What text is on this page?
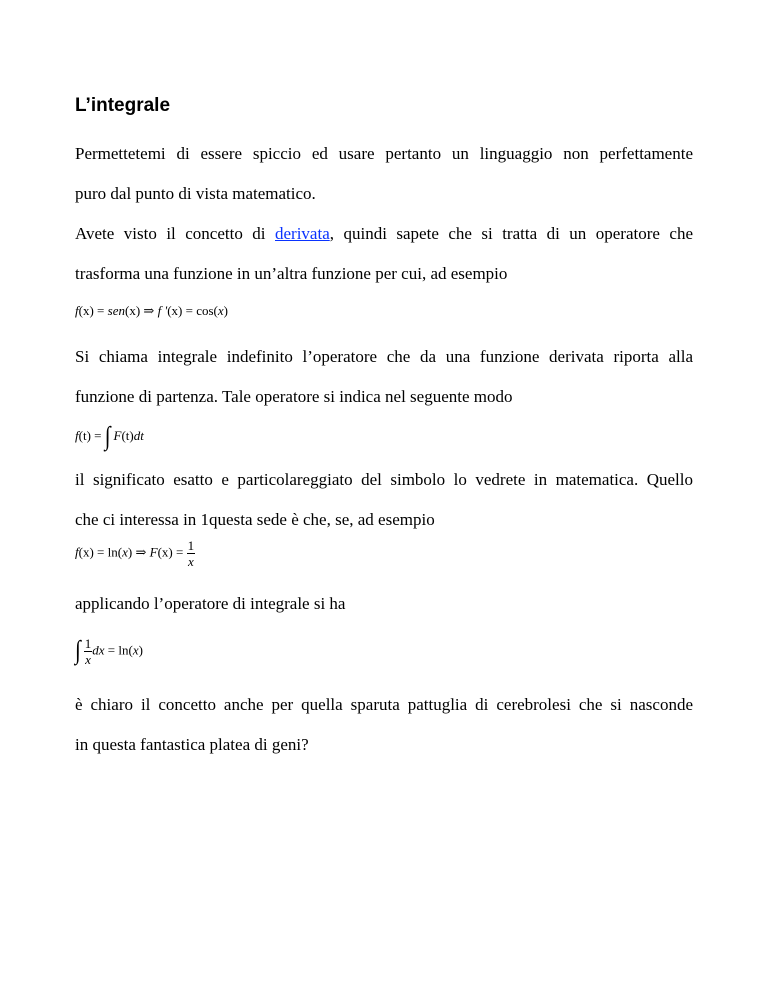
L’integrale
Permettetemi di essere spiccio ed usare pertanto un linguaggio non perfettamente
puro dal punto di vista matematico.
Avete visto il concetto di derivata, quindi sapete che si tratta di un operatore che
trasforma una funzione in un’altra funzione per cui, ad esempio
f(x) = sen(x) ⇒ f '(x) = cos(x)
Si chiama integrale indefinito l’operatore che da una funzione derivata riporta alla
funzione di partenza. Tale operatore si indica nel seguente modo
f(t) = ∫ F(t)dt
il significato esatto e particolareggiato del simbolo lo vedrete in matematica. Quello
che ci interessa in 1questa sede è che, se, ad esempio
f(x) = ln(x) ⇒ $F(x) = \frac{1}{x}$
applicando l’operatore di integrale si ha
∫ $\frac{1}{x}$ dx = ln(x)
è chiaro il concetto anche per quella sparuta pattuglia di cerebrolesi che si nasconde
in questa fantastica platea di geni?
